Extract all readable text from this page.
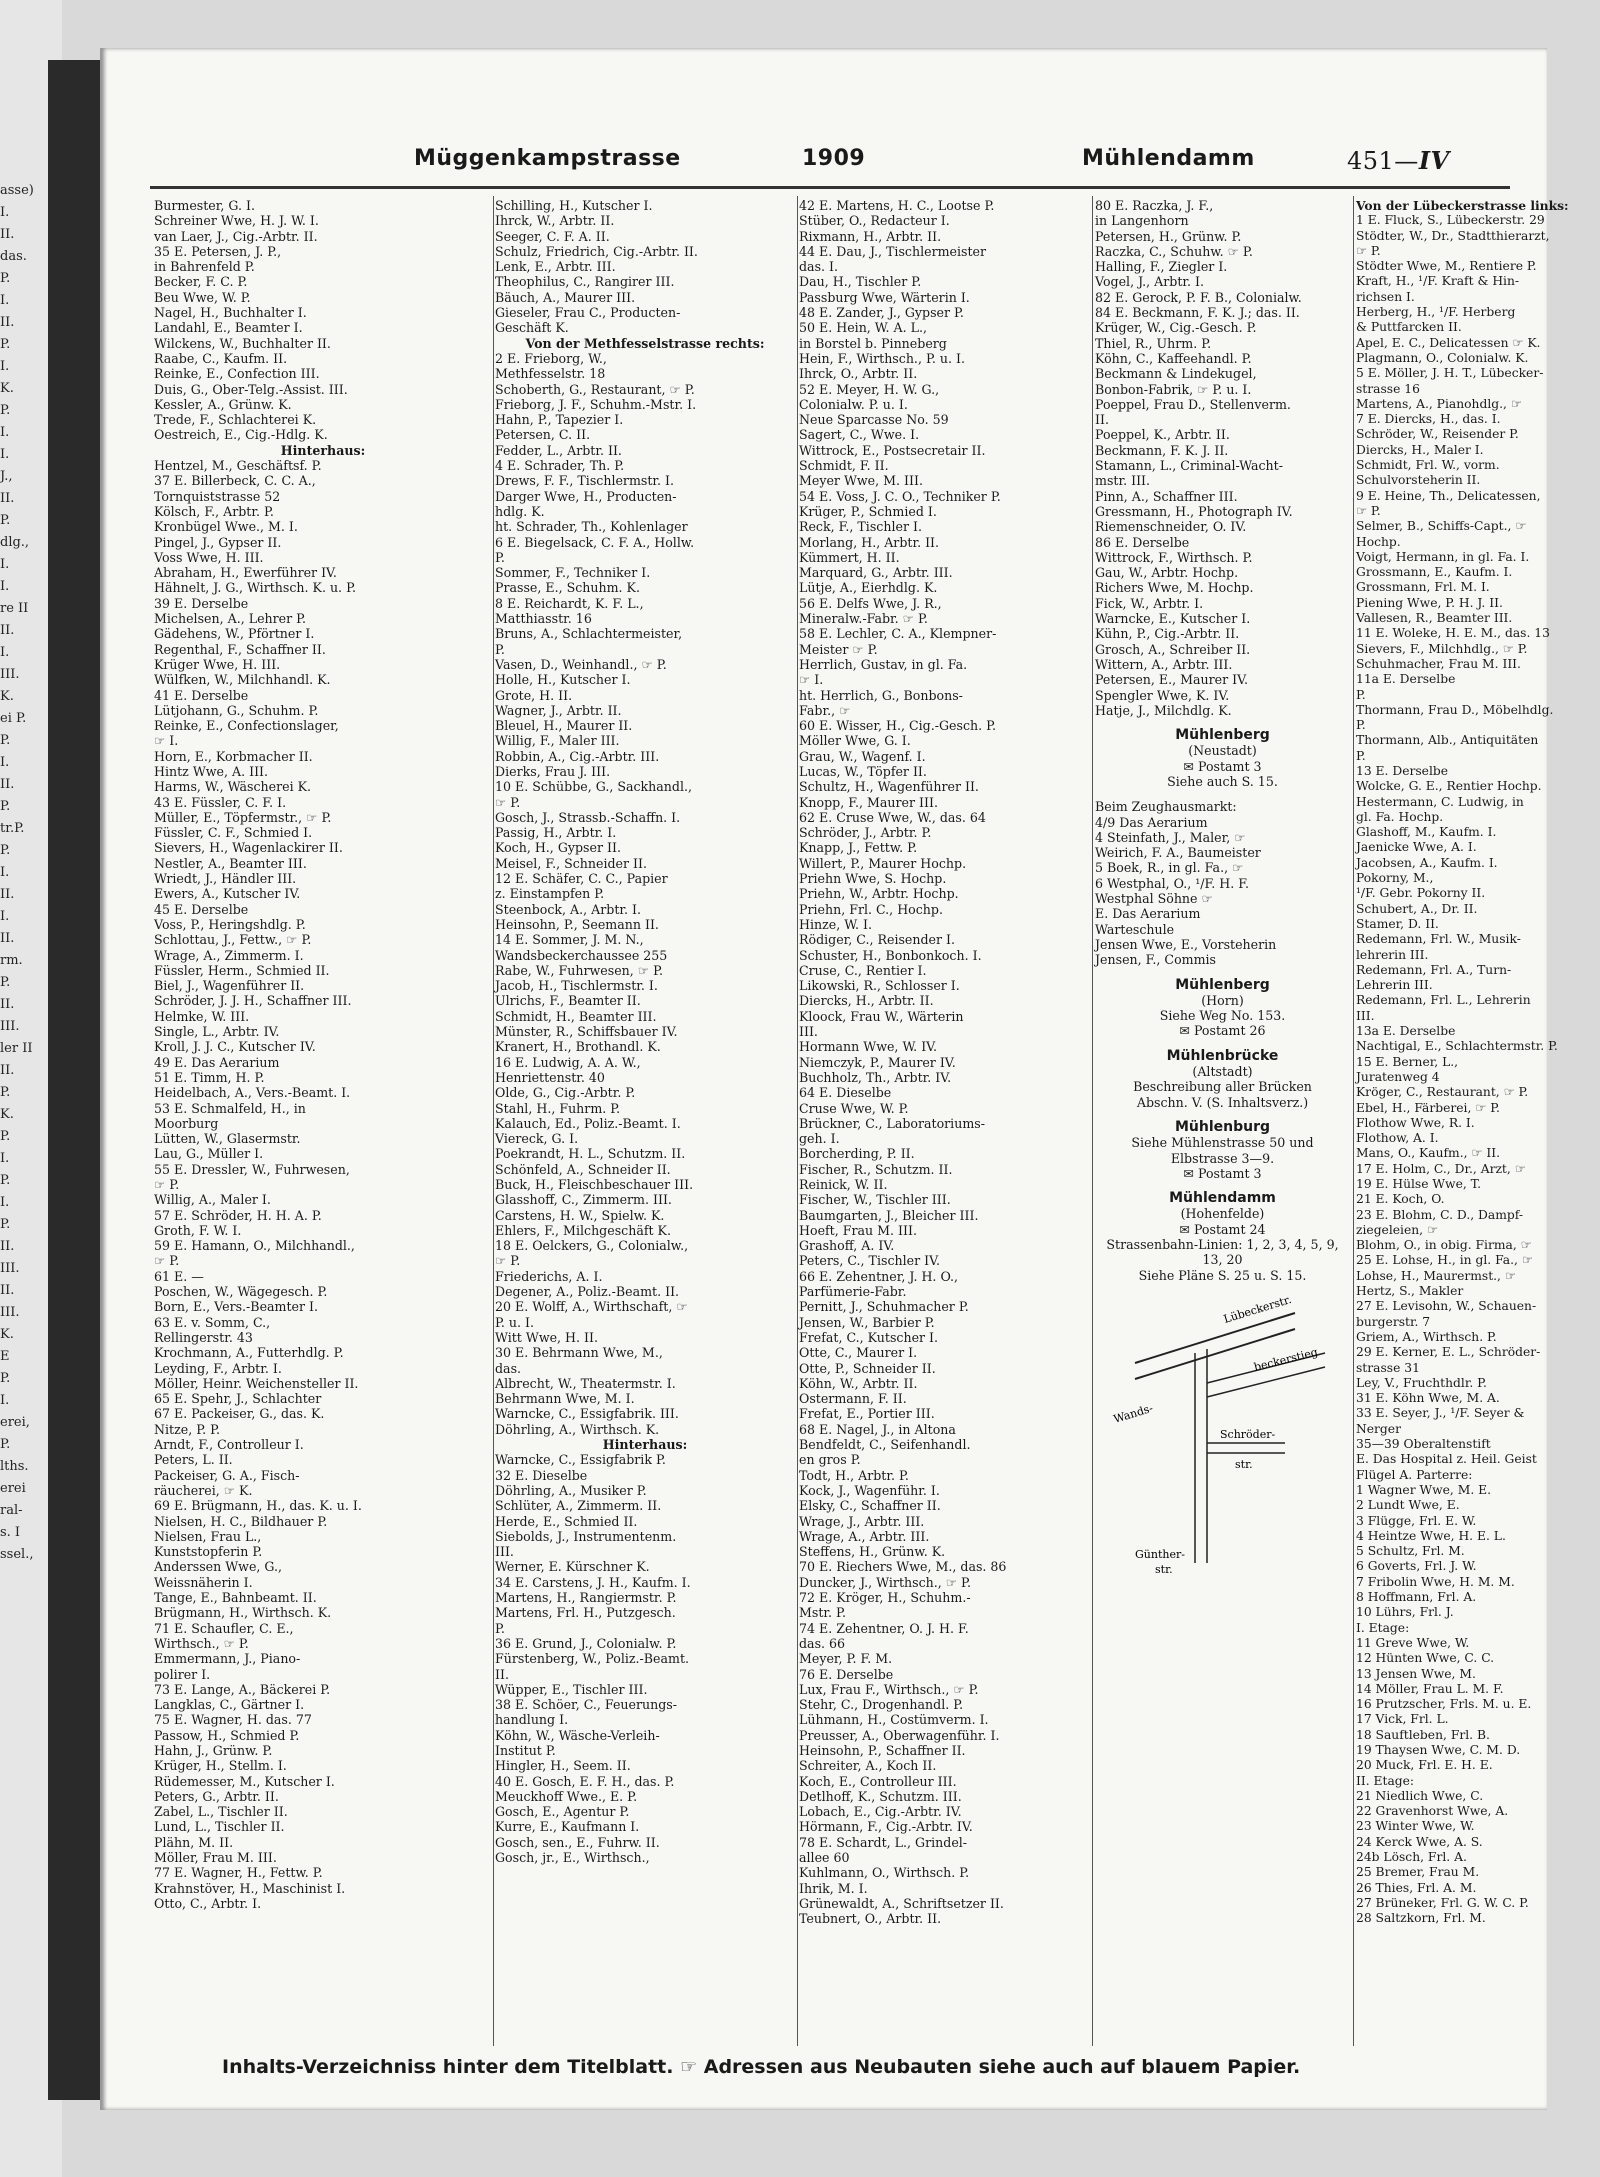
asse)
I.
II.
das.
P.
I.
II.
P.
I.
K.
P.
I.
I.
J.,
II.
P.
dlg.,
I.
I.
re II
II.
I.
III.
K.
ei P.
P.
I.
II.
P.
tr.P.
P.
I.
II.
I.
II.
rm.
P.
II.
III.
ler II
II.
P.
K.
P.
I.
P.
I.
P.
II.
III.
II.
III.
K.
E
P.
I.
erei,
P.
lths.
erei
ral-
s. I
ssel.,
Müggenkampstrasse	1909	Mühlendamm	451—IV
Burmester, G. I.
Schreiner Wwe, H. J. W. I.
van Laer, J., Cig.-Arbtr. II.
35 E. Petersen, J. P.,
in Bahrenfeld P.
Becker, F. C. P.
Beu Wwe, W. P.
Nagel, H., Buchhalter I.
Landahl, E., Beamter I.
Wilckens, W., Buchhalter II.
Raabe, C., Kaufm. II.
Reinke, E., Confection III.
Duis, G., Ober-Telg.-Assist. III.
Kessler, A., Grünw. K.
Trede, F., Schlachterei K.
Oestreich, E., Cig.-Hdlg. K.
Hinterhaus:
Hentzel, M., Geschäftsf. P.
37 E. Billerbeck, C. C. A.,
Tornquiststrasse 52
Kölsch, F., Arbtr. P.
Kronbügel Wwe., M. I.
Pingel, J., Gypser II.
Voss Wwe, H. III.
Abraham, H., Ewerführer IV.
Hähnelt, J. G., Wirthsch. K. u. P.
39 E. Derselbe
Michelsen, A., Lehrer P.
Gädehens, W., Pförtner I.
Regenthal, F., Schaffner II.
Krüger Wwe, H. III.
Wülfken, W., Milchhandl. K.
41 E. Derselbe
Lütjohann, G., Schuhm. P.
Reinke, E., Confectionslager,
☞ I.
Horn, E., Korbmacher II.
Hintz Wwe, A. III.
Harms, W., Wäscherei K.
43 E. Füssler, C. F. I.
Müller, E., Töpfermstr., ☞ P.
Füssler, C. F., Schmied I.
Sievers, H., Wagenlackirer II.
Nestler, A., Beamter III.
Wriedt, J., Händler III.
Ewers, A., Kutscher IV.
45 E. Derselbe
Voss, P., Heringshdlg. P.
Schlottau, J., Fettw., ☞ P.
Wrage, A., Zimmerm. I.
Füssler, Herm., Schmied II.
Biel, J., Wagenführer II.
Schröder, J. J. H., Schaffner III.
Helmke, W. III.
Single, L., Arbtr. IV.
Kroll, J. J. C., Kutscher IV.
49 E. Das Aerarium
51 E. Timm, H. P.
Heidelbach, A., Vers.-Beamt. I.
53 E. Schmalfeld, H., in
Moorburg
Lütten, W., Glasermstr.
Lau, G., Müller I.
55 E. Dressler, W., Fuhrwesen,
☞ P.
Willig, A., Maler I.
57 E. Schröder, H. H. A. P.
Groth, F. W. I.
59 E. Hamann, O., Milchhandl.,
☞ P.
61 E. —
Poschen, W., Wägegesch. P.
Born, E., Vers.-Beamter I.
63 E. v. Somm, C.,
Rellingerstr. 43
Krochmann, A., Futterhdlg. P.
Leyding, F., Arbtr. I.
Möller, Heinr. Weichensteller II.
65 E. Spehr, J., Schlachter
67 E. Packeiser, G., das. K.
Nitze, P. P.
Arndt, F., Controlleur I.
Peters, L. II.
Packeiser, G. A., Fisch-
räucherei, ☞ K.
69 E. Brügmann, H., das. K. u. I.
Nielsen, H. C., Bildhauer P.
Nielsen, Frau L.,
Kunststopferin P.
Anderssen Wwe, G.,
Weissnäherin I.
Tange, E., Bahnbeamt. II.
Brügmann, H., Wirthsch. K.
71 E. Schaufler, C. E.,
Wirthsch., ☞ P.
Emmermann, J., Piano-
polirer I.
73 E. Lange, A., Bäckerei P.
Langklas, C., Gärtner I.
75 E. Wagner, H. das. 77
Passow, H., Schmied P.
Hahn, J., Grünw. P.
Krüger, H., Stellm. I.
Rüdemesser, M., Kutscher I.
Peters, G., Arbtr. II.
Zabel, L., Tischler II.
Lund, L., Tischler II.
Plähn, M. II.
Möller, Frau M. III.
77 E. Wagner, H., Fettw. P.
Krahnstöver, H., Maschinist I.
Otto, C., Arbtr. I.
Schilling, H., Kutscher I.
Ihrck, W., Arbtr. II.
Seeger, C. F. A. II.
Schulz, Friedrich, Cig.-Arbtr. II.
Lenk, E., Arbtr. III.
Theophilus, C., Rangirer III.
Bäuch, A., Maurer III.
Gieseler, Frau C., Producten-
Geschäft K.
Von der Methfesselstrasse rechts:
2 E. Frieborg, W.,
Methfesselstr. 18
Schoberth, G., Restaurant, ☞ P.
Frieborg, J. F., Schuhm.-Mstr. I.
Hahn, P., Tapezier I.
Petersen, C. II.
Fedder, L., Arbtr. II.
4 E. Schrader, Th. P.
Drews, F. F., Tischlermstr. I.
Darger Wwe, H., Producten-
hdlg. K.
ht. Schrader, Th., Kohlenlager
6 E. Biegelsack, C. F. A., Hollw.
P.
Sommer, F., Techniker I.
Prasse, E., Schuhm. K.
8 E. Reichardt, K. F. L.,
Matthiasstr. 16
Bruns, A., Schlachtermeister,
P.
Vasen, D., Weinhandl., ☞ P.
Holle, H., Kutscher I.
Grote, H. II.
Wagner, J., Arbtr. II.
Bleuel, H., Maurer II.
Willig, F., Maler III.
Robbin, A., Cig.-Arbtr. III.
Dierks, Frau J. III.
10 E. Schübbe, G., Sackhandl.,
☞ P.
Gosch, J., Strassb.-Schaffn. I.
Passig, H., Arbtr. I.
Koch, H., Gypser II.
Meisel, F., Schneider II.
12 E. Schäfer, C. C., Papier
z. Einstampfen P.
Steenbock, A., Arbtr. I.
Heinsohn, P., Seemann II.
14 E. Sommer, J. M. N.,
Wandsbeckerchaussee 255
Rabe, W., Fuhrwesen, ☞ P.
Jacob, H., Tischlermstr. I.
Ulrichs, F., Beamter II.
Schmidt, H., Beamter III.
Münster, R., Schiffsbauer IV.
Kranert, H., Brothandl. K.
16 E. Ludwig, A. A. W.,
Henriettenstr. 40
Olde, G., Cig.-Arbtr. P.
Stahl, H., Fuhrm. P.
Kalauch, Ed., Poliz.-Beamt. I.
Viereck, G. I.
Poekrandt, H. L., Schutzm. II.
Schönfeld, A., Schneider II.
Buck, H., Fleischbeschauer III.
Glasshoff, C., Zimmerm. III.
Carstens, H. W., Spielw. K.
Ehlers, F., Milchgeschäft K.
18 E. Oelckers, G., Colonialw.,
☞ P.
Friederichs, A. I.
Degener, A., Poliz.-Beamt. II.
20 E. Wolff, A., Wirthschaft, ☞
P. u. I.
Witt Wwe, H. II.
30 E. Behrmann Wwe, M.,
das.
Albrecht, W., Theatermstr. I.
Behrmann Wwe, M. I.
Warncke, C., Essigfabrik. III.
Döhrling, A., Wirthsch. K.
Hinterhaus:
Warncke, C., Essigfabrik P.
32 E. Dieselbe
Döhrling, A., Musiker P.
Schlüter, A., Zimmerm. II.
Herde, E., Schmied II.
Siebolds, J., Instrumentenm.
III.
Werner, E. Kürschner K.
34 E. Carstens, J. H., Kaufm. I.
Martens, H., Rangiermstr. P.
Martens, Frl. H., Putzgesch.
P.
36 E. Grund, J., Colonialw. P.
Fürstenberg, W., Poliz.-Beamt.
II.
Wüpper, E., Tischler III.
38 E. Schöer, C., Feuerungs-
handlung I.
Köhn, W., Wäsche-Verleih-
Institut P.
Hingler, H., Seem. II.
40 E. Gosch, E. F. H., das. P.
Meuckhoff Wwe., E. P.
Gosch, E., Agentur P.
Kurre, E., Kaufmann I.
Gosch, sen., E., Fuhrw. II.
Gosch, jr., E., Wirthsch.,
42 E. Martens, H. C., Lootse P.
Stüber, O., Redacteur I.
Rixmann, H., Arbtr. II.
44 E. Dau, J., Tischlermeister
das. I.
Dau, H., Tischler P.
Passburg Wwe, Wärterin I.
48 E. Zander, J., Gypser P.
50 E. Hein, W. A. L.,
in Borstel b. Pinneberg
Hein, F., Wirthsch., P. u. I.
Ihrck, O., Arbtr. II.
52 E. Meyer, H. W. G.,
Colonialw. P. u. I.
Neue Sparcasse No. 59
Sagert, C., Wwe. I.
Wittrock, E., Postsecretair II.
Schmidt, F. II.
Meyer Wwe, M. III.
54 E. Voss, J. C. O., Techniker P.
Krüger, P., Schmied I.
Reck, F., Tischler I.
Morlang, H., Arbtr. II.
Kümmert, H. II.
Marquard, G., Arbtr. III.
Lütje, A., Eierhdlg. K.
56 E. Delfs Wwe, J. R.,
Mineralw.-Fabr. ☞ P.
58 E. Lechler, C. A., Klempner-
Meister ☞ P.
Herrlich, Gustav, in gl. Fa.
☞ I.
ht. Herrlich, G., Bonbons-
Fabr., ☞
60 E. Wisser, H., Cig.-Gesch. P.
Möller Wwe, G. I.
Grau, W., Wagenf. I.
Lucas, W., Töpfer II.
Schultz, H., Wagenführer II.
Knopp, F., Maurer III.
62 E. Cruse Wwe, W., das. 64
Schröder, J., Arbtr. P.
Knapp, J., Fettw. P.
Willert, P., Maurer Hochp.
Priehn Wwe, S. Hochp.
Priehn, W., Arbtr. Hochp.
Priehn, Frl. C., Hochp.
Hinze, W. I.
Rödiger, C., Reisender I.
Schuster, H., Bonbonkoch. I.
Cruse, C., Rentier I.
Likowski, R., Schlosser I.
Diercks, H., Arbtr. II.
Kloock, Frau W., Wärterin
III.
Hormann Wwe, W. IV.
Niemczyk, P., Maurer IV.
Buchholz, Th., Arbtr. IV.
64 E. Dieselbe
Cruse Wwe, W. P.
Brückner, C., Laboratoriums-
geh. I.
Borcherding, P. II.
Fischer, R., Schutzm. II.
Reinick, W. II.
Fischer, W., Tischler III.
Baumgarten, J., Bleicher III.
Hoeft, Frau M. III.
Grashoff, A. IV.
Peters, C., Tischler IV.
66 E. Zehentner, J. H. O.,
Parfümerie-Fabr.
Pernitt, J., Schuhmacher P.
Jensen, W., Barbier P.
Frefat, C., Kutscher I.
Otte, C., Maurer I.
Otte, P., Schneider II.
Köhn, W., Arbtr. II.
Ostermann, F. II.
Frefat, E., Portier III.
68 E. Nagel, J., in Altona
Bendfeldt, C., Seifenhandl.
en gros P.
Todt, H., Arbtr. P.
Kock, J., Wagenführ. I.
Elsky, C., Schaffner II.
Wrage, J., Arbtr. III.
Wrage, A., Arbtr. III.
Steffens, H., Grünw. K.
70 E. Riechers Wwe, M., das. 86
Duncker, J., Wirthsch., ☞ P.
72 E. Kröger, H., Schuhm.-
Mstr. P.
74 E. Zehentner, O. J. H. F.
das. 66
Meyer, P. F. M.
76 E. Derselbe
Lux, Frau F., Wirthsch., ☞ P.
Stehr, C., Drogenhandl. P.
Lühmann, H., Costümverm. I.
Preusser, A., Oberwagenführ. I.
Heinsohn, P., Schaffner II.
Schreiter, A., Koch II.
Koch, E., Controlleur III.
Detlhoff, K., Schutzm. III.
Lobach, E., Cig.-Arbtr. IV.
Hörmann, F., Cig.-Arbtr. IV.
78 E. Schardt, L., Grindel-
allee 60
Kuhlmann, O., Wirthsch. P.
Ihrik, M. I.
Grünewaldt, A., Schriftsetzer II.
Teubnert, O., Arbtr. II.
80 E. Raczka, J. F.,
in Langenhorn
Petersen, H., Grünw. P.
Raczka, C., Schuhw. ☞ P.
Halling, F., Ziegler I.
Vogel, J., Arbtr. I.
82 E. Gerock, P. F. B., Colonialw.
84 E. Beckmann, F. K. J.; das. II.
Krüger, W., Cig.-Gesch. P.
Thiel, R., Uhrm. P.
Köhn, C., Kaffeehandl. P.
Beckmann & Lindekugel,
Bonbon-Fabrik, ☞ P. u. I.
Poeppel, Frau D., Stellenverm.
II.
Poeppel, K., Arbtr. II.
Beckmann, F. K. J. II.
Stamann, L., Criminal-Wacht-
mstr. III.
Pinn, A., Schaffner III.
Gressmann, H., Photograph IV.
Riemenschneider, O. IV.
86 E. Derselbe
Wittrock, F., Wirthsch. P.
Gau, W., Arbtr. Hochp.
Richers Wwe, M. Hochp.
Fick, W., Arbtr. I.
Warncke, E., Kutscher I.
Kühn, P., Cig.-Arbtr. II.
Grosch, A., Schreiber II.
Wittern, A., Arbtr. III.
Petersen, E., Maurer IV.
Spengler Wwe, K. IV.
Hatje, J., Milchdlg. K.
Mühlenberg
(Neustadt)
✉ Postamt 3
Siehe auch S. 15.
Beim Zeughausmarkt:
4/9 Das Aerarium
4 Steinfath, J., Maler, ☞
Weirich, F. A., Baumeister
5 Boek, R., in gl. Fa., ☞
6 Westphal, O., ¹/F. H. F.
Westphal Söhne ☞
E. Das Aerarium
Warteschule
Jensen Wwe, E., Vorsteherin
Jensen, F., Commis
Mühlenberg
(Horn)
Siehe Weg No. 153.
✉ Postamt 26
Mühlenbrücke
(Altstadt)
Beschreibung aller Brücken
Abschn. V. (S. Inhaltsverz.)
Mühlenburg
Siehe Mühlenstrasse 50 und
Elbstrasse 3—9.
✉ Postamt 3
Mühlendamm
(Hohenfelde)
✉ Postamt 24
Strassenbahn-Linien: 1, 2, 3, 4, 5, 9,
13, 20
Siehe Pläne S. 25 u. S. 15.
Lübeckerstr.
beckerstieg
Wands-
Schröder-
str.
Günther-
str.
Von der Lübeckerstrasse links:
1 E. Fluck, S., Lübeckerstr. 29
Stödter, W., Dr., Stadtthierarzt,
☞ P.
Stödter Wwe, M., Rentiere P.
Kraft, H., ¹/F. Kraft & Hin-
richsen I.
Herberg, H., ¹/F. Herberg
& Puttfarcken II.
Apel, E. C., Delicatessen ☞ K.
Plagmann, O., Colonialw. K.
5 E. Möller, J. H. T., Lübecker-
strasse 16
Martens, A., Pianohdlg., ☞
7 E. Diercks, H., das. I.
Schröder, W., Reisender P.
Diercks, H., Maler I.
Schmidt, Frl. W., vorm.
Schulvorsteherin II.
9 E. Heine, Th., Delicatessen,
☞ P.
Selmer, B., Schiffs-Capt., ☞
Hochp.
Voigt, Hermann, in gl. Fa. I.
Grossmann, E., Kaufm. I.
Grossmann, Frl. M. I.
Piening Wwe, P. H. J. II.
Vallesen, R., Beamter III.
11 E. Woleke, H. E. M., das. 13
Sievers, F., Milchhdlg., ☞ P.
Schuhmacher, Frau M. III.
11a E. Derselbe
P.
Thormann, Frau D., Möbelhdlg.
P.
Thormann, Alb., Antiquitäten
P.
13 E. Derselbe
Wolcke, G. E., Rentier Hochp.
Hestermann, C. Ludwig, in
gl. Fa. Hochp.
Glashoff, M., Kaufm. I.
Jaenicke Wwe, A. I.
Jacobsen, A., Kaufm. I.
Pokorny, M.,
¹/F. Gebr. Pokorny II.
Schubert, A., Dr. II.
Stamer, D. II.
Redemann, Frl. W., Musik-
lehrerin III.
Redemann, Frl. A., Turn-
Lehrerin III.
Redemann, Frl. L., Lehrerin
III.
13a E. Derselbe
Nachtigal, E., Schlachtermstr. P.
15 E. Berner, L.,
Juratenweg 4
Kröger, C., Restaurant, ☞ P.
Ebel, H., Färberei, ☞ P.
Flothow Wwe, R. I.
Flothow, A. I.
Mans, O., Kaufm., ☞ II.
17 E. Holm, C., Dr., Arzt, ☞
19 E. Hülse Wwe, T.
21 E. Koch, O.
23 E. Blohm, C. D., Dampf-
ziegeleien, ☞
Blohm, O., in obig. Firma, ☞
25 E. Lohse, H., in gl. Fa., ☞
Lohse, H., Maurermst., ☞
Hertz, S., Makler
27 E. Levisohn, W., Schauen-
burgerstr. 7
Griem, A., Wirthsch. P.
29 E. Kerner, E. L., Schröder-
strasse 31
Ley, V., Fruchthdlr. P.
31 E. Köhn Wwe, M. A.
33 E. Seyer, J., ¹/F. Seyer &
Nerger
35—39 Oberaltenstift
E. Das Hospital z. Heil. Geist
Flügel A. Parterre:
1 Wagner Wwe, M. E.
2 Lundt Wwe, E.
3 Flügge, Frl. E. W.
4 Heintze Wwe, H. E. L.
5 Schultz, Frl. M.
6 Goverts, Frl. J. W.
7 Fribolin Wwe, H. M. M.
8 Hoffmann, Frl. A.
10 Lührs, Frl. J.
I. Etage:
11 Greve Wwe, W.
12 Hünten Wwe, C. C.
13 Jensen Wwe, M.
14 Möller, Frau L. M. F.
16 Prutzscher, Frls. M. u. E.
17 Vick, Frl. L.
18 Sauftleben, Frl. B.
19 Thaysen Wwe, C. M. D.
20 Muck, Frl. E. H. E.
II. Etage:
21 Niedlich Wwe, C.
22 Gravenhorst Wwe, A.
23 Winter Wwe, W.
24 Kerck Wwe, A. S.
24b Lösch, Frl. A.
25 Bremer, Frau M.
26 Thies, Frl. A. M.
27 Brüneker, Frl. G. W. C. P.
28 Saltzkorn, Frl. M.
Inhalts-Verzeichniss hinter dem Titelblatt. ☞ Adressen aus Neubauten siehe auch auf blauem Papier.
